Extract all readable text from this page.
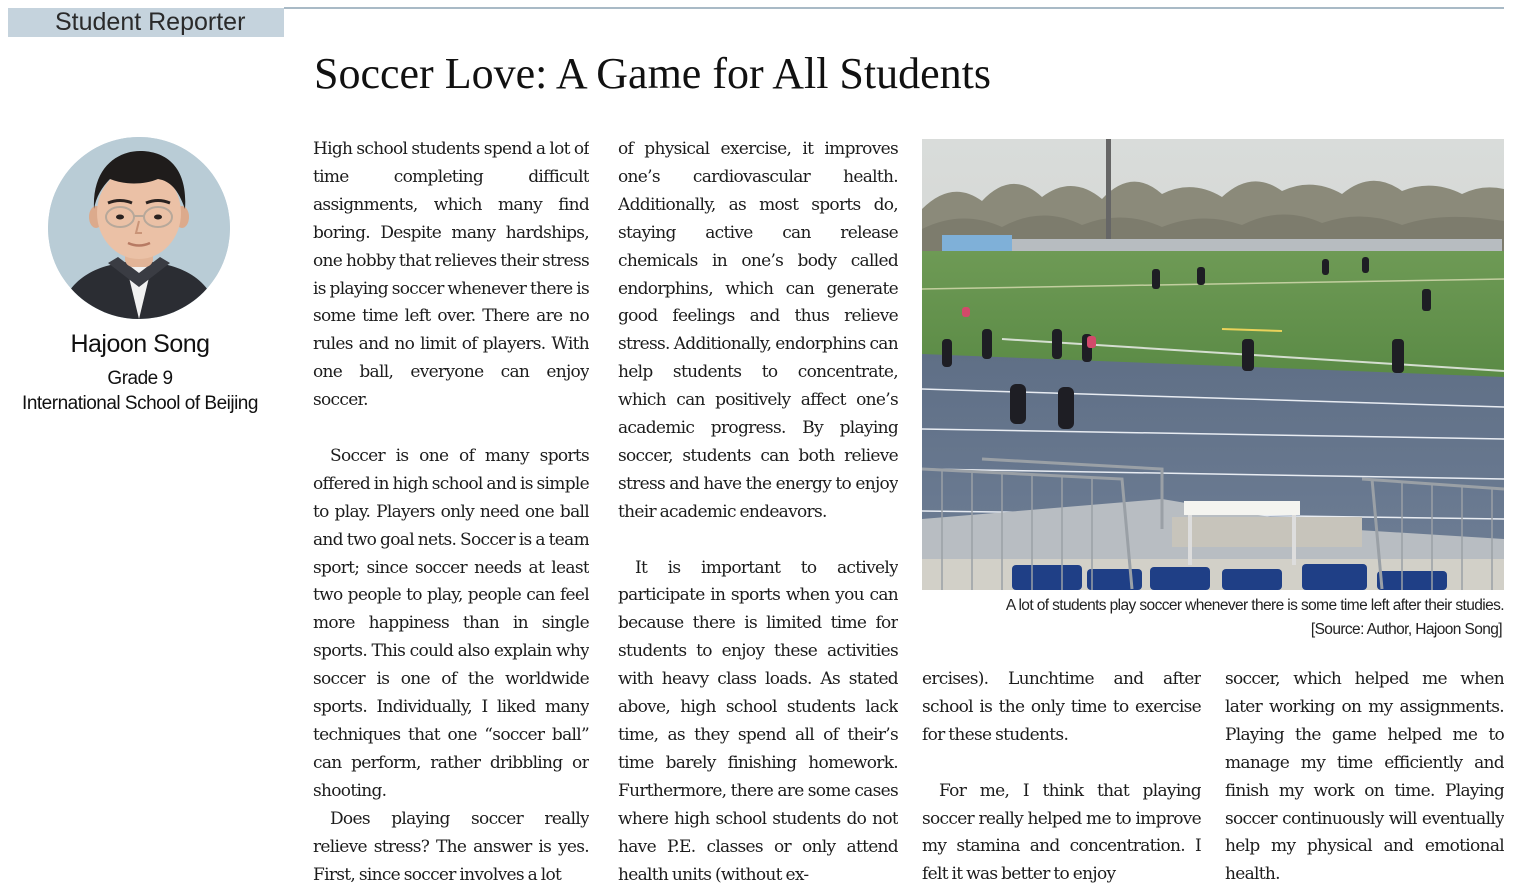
Student Reporter
Soccer Love: A Game for All Students
Hajoon Song
Grade 9
International School of Beijing

High school students spend a lot of time completing difficult assignments, which many find boring. Despite many hardships, one hobby that relieves their stress is playing soccer whenever there is some time left over. There are no rules and no limit of players. With one ball, everyone can enjoy soccer.

Soccer is one of many sports offered in high school and is simple to play. Players only need one ball and two goal nets. Soccer is a team sport; since soccer needs at least two people to play, people can feel more happiness than in single sports. This could also explain why soccer is one of the worldwide sports. Individually, I liked many techniques that one “soccer ball” can perform, rather dribbling or shooting.

Does playing soccer really relieve stress? The answer is yes. First, since soccer involves a lot

of physical exercise, it improves one’s cardiovascular health. Additionally, as most sports do, staying active can release chemicals in one’s body called endorphins, which can generate good feelings and thus relieve stress. Additionally, endorphins can help students to concentrate, which can positively affect one’s academic progress. By playing soccer, students can both relieve stress and have the energy to enjoy their academic endeavors.

It is important to actively participate in sports when you can because there is limited time for students to enjoy these activities with heavy class loads. As stated above, high school students lack time, as they spend all of their’s time barely finishing homework. Furthermore, there are some cases where high school students do not have P.E. classes or only attend health units (without ex-

A lot of students play soccer whenever there is some time left after their studies.
[Source: Author, Hajoon Song]

ercises). Lunchtime and after school is the only time to exercise for these students.

For me, I think that playing soccer really helped me to improve my stamina and concentration. I felt it was better to enjoy

soccer, which helped me when later working on my assignments. Playing the game helped me to manage my time efficiently and finish my work on time. Playing soccer continuously will eventually help my physical and emotional health.
